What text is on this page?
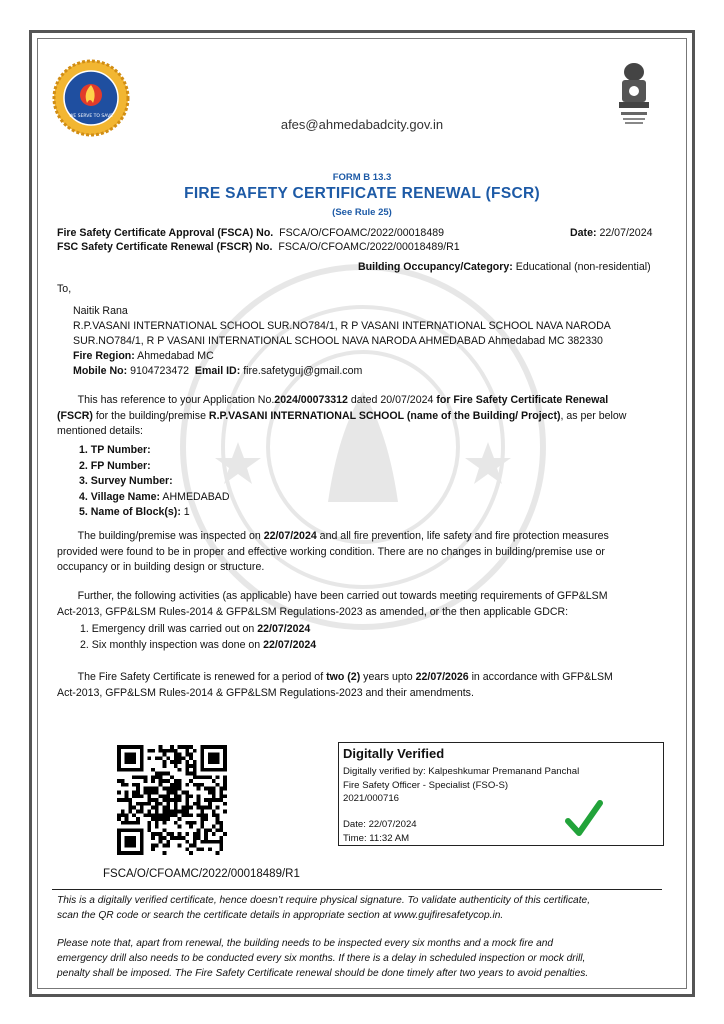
WE SERVE TO SAVE
afes@ahmedabadcity.gov.in
FORM B 13.3
FIRE SAFETY CERTIFICATE RENEWAL (FSCR)
(See Rule 25)
Fire Safety Certificate Approval (FSCA) No. FSCA/O/CFOAMC/2022/00018489
FSC Safety Certificate Renewal (FSCR) No. FSCA/O/CFOAMC/2022/00018489/R1
Date: 22/07/2024
Building Occupancy/Category: Educational (non-residential)
To,
Naitik Rana
R.P.VASANI INTERNATIONAL SCHOOL SUR.NO784/1, R P VASANI INTERNATIONAL SCHOOL NAVA NARODA
SUR.NO784/1, R P VASANI INTERNATIONAL SCHOOL NAVA NARODA AHMEDABAD Ahmedabad MC 382330
Fire Region: Ahmedabad MC
Mobile No: 9104723472 Email ID: fire.safetyguj@gmail.com
This has reference to your Application No.2024/00073312 dated 20/07/2024 for Fire Safety Certificate Renewal
(FSCR) for the building/premise R.P.VASANI INTERNATIONAL SCHOOL (name of the Building/ Project), as per below
mentioned details:
1. TP Number:
2. FP Number:
3. Survey Number:
4. Village Name: AHMEDABAD
5. Name of Block(s): 1
The building/premise was inspected on 22/07/2024 and all fire prevention, life safety and fire protection measures
provided were found to be in proper and effective working condition. There are no changes in building/premise use or
occupancy or in building design or structure.
Further, the following activities (as applicable) have been carried out towards meeting requirements of GFP&LSM
Act-2013, GFP&LSM Rules-2014 & GFP&LSM Regulations-2023 as amended, or the then applicable GDCR:
1. Emergency drill was carried out on 22/07/2024
2. Six monthly inspection was done on 22/07/2024
The Fire Safety Certificate is renewed for a period of two (2) years upto 22/07/2026 in accordance with GFP&LSM
Act-2013, GFP&LSM Rules-2014 & GFP&LSM Regulations-2023 and their amendments.
FSCA/O/CFOAMC/2022/00018489/R1
Digitally Verified
Digitally verified by: Kalpeshkumar Premanand Panchal
Fire Safety Officer - Specialist (FSO-S)
2021/000716
Date: 22/07/2024
Time: 11:32 AM
This is a digitally verified certificate, hence doesn’t require physical signature. To validate authenticity of this certificate,
scan the QR code or search the certificate details in appropriate section at www.gujfiresafetycop.in.
Please note that, apart from renewal, the building needs to be inspected every six months and a mock fire and
emergency drill also needs to be conducted every six months. If there is a delay in scheduled inspection or mock drill,
penalty shall be imposed. The Fire Safety Certificate renewal should be done timely after two years to avoid penalties.
